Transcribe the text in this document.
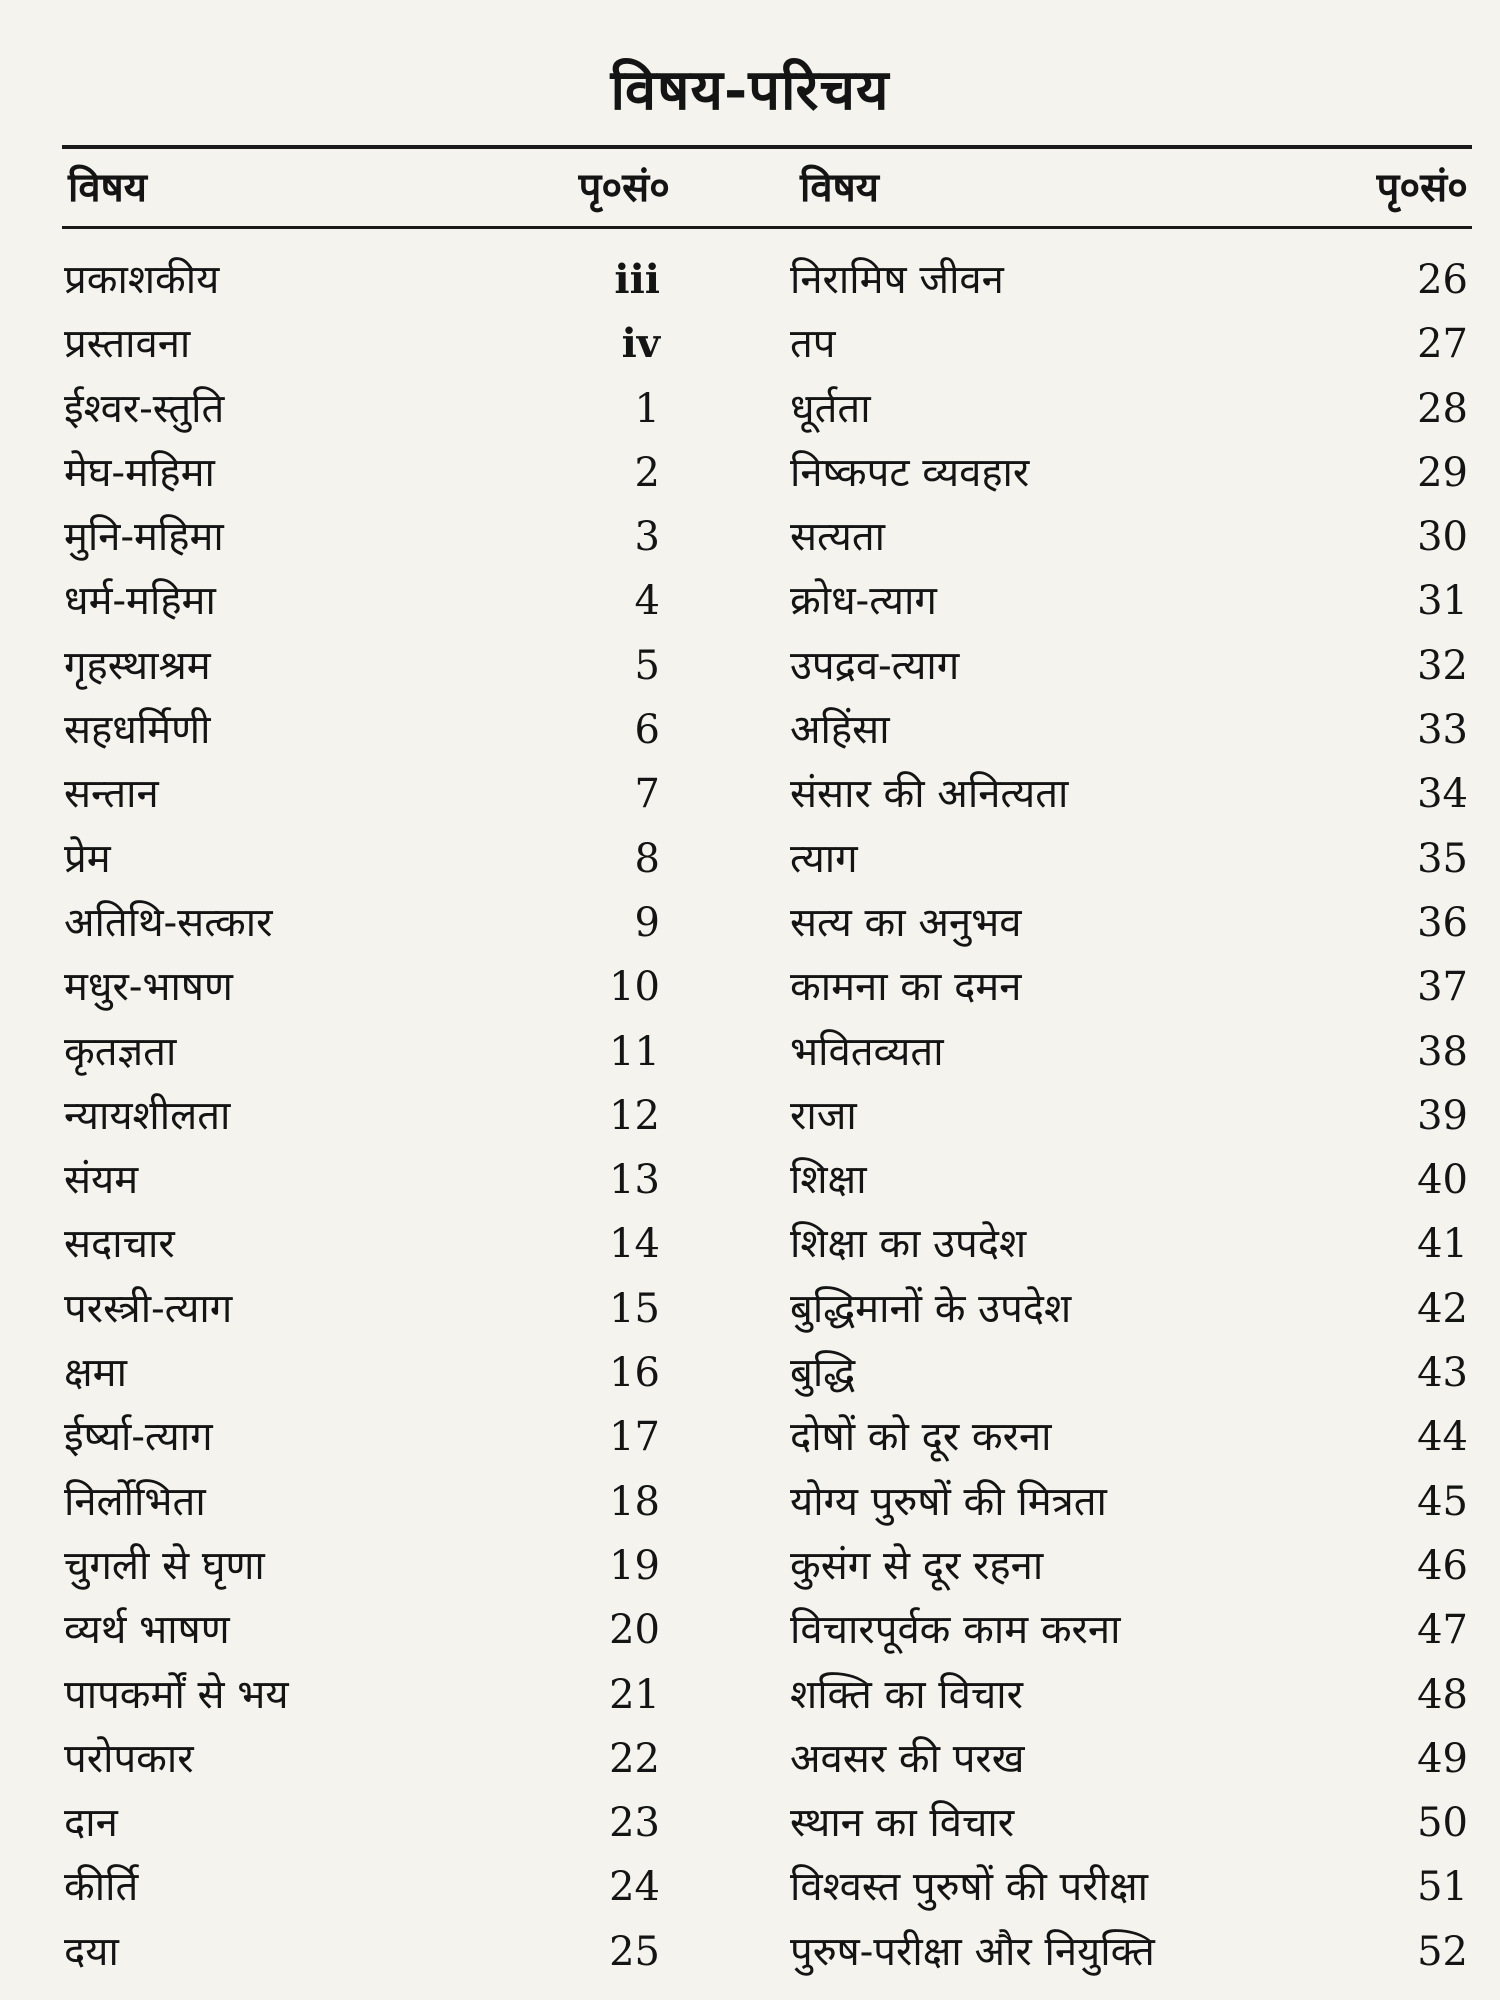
विषय-परिचय
विषय	पृ०सं०	विषय	पृ०सं०
प्रकाशकीय	iii	निरामिष जीवन	26
प्रस्तावना	iv	तप	27
ईश्वर-स्तुति	1	धूर्तता	28
मेघ-महिमा	2	निष्कपट व्यवहार	29
मुनि-महिमा	3	सत्यता	30
धर्म-महिमा	4	क्रोध-त्याग	31
गृहस्थाश्रम	5	उपद्रव-त्याग	32
सहधर्मिणी	6	अहिंसा	33
सन्तान	7	संसार की अनित्यता	34
प्रेम	8	त्याग	35
अतिथि-सत्कार	9	सत्य का अनुभव	36
मधुर-भाषण	10	कामना का दमन	37
कृतज्ञता	11	भवितव्यता	38
न्यायशीलता	12	राजा	39
संयम	13	शिक्षा	40
सदाचार	14	शिक्षा का उपदेश	41
परस्त्री-त्याग	15	बुद्धिमानों के उपदेश	42
क्षमा	16	बुद्धि	43
ईर्ष्या-त्याग	17	दोषों को दूर करना	44
निर्लोभिता	18	योग्य पुरुषों की मित्रता	45
चुगली से घृणा	19	कुसंग से दूर रहना	46
व्यर्थ भाषण	20	विचारपूर्वक काम करना	47
पापकर्मों से भय	21	शक्ति का विचार	48
परोपकार	22	अवसर की परख	49
दान	23	स्थान का विचार	50
कीर्ति	24	विश्वस्त पुरुषों की परीक्षा	51
दया	25	पुरुष-परीक्षा और नियुक्ति	52
